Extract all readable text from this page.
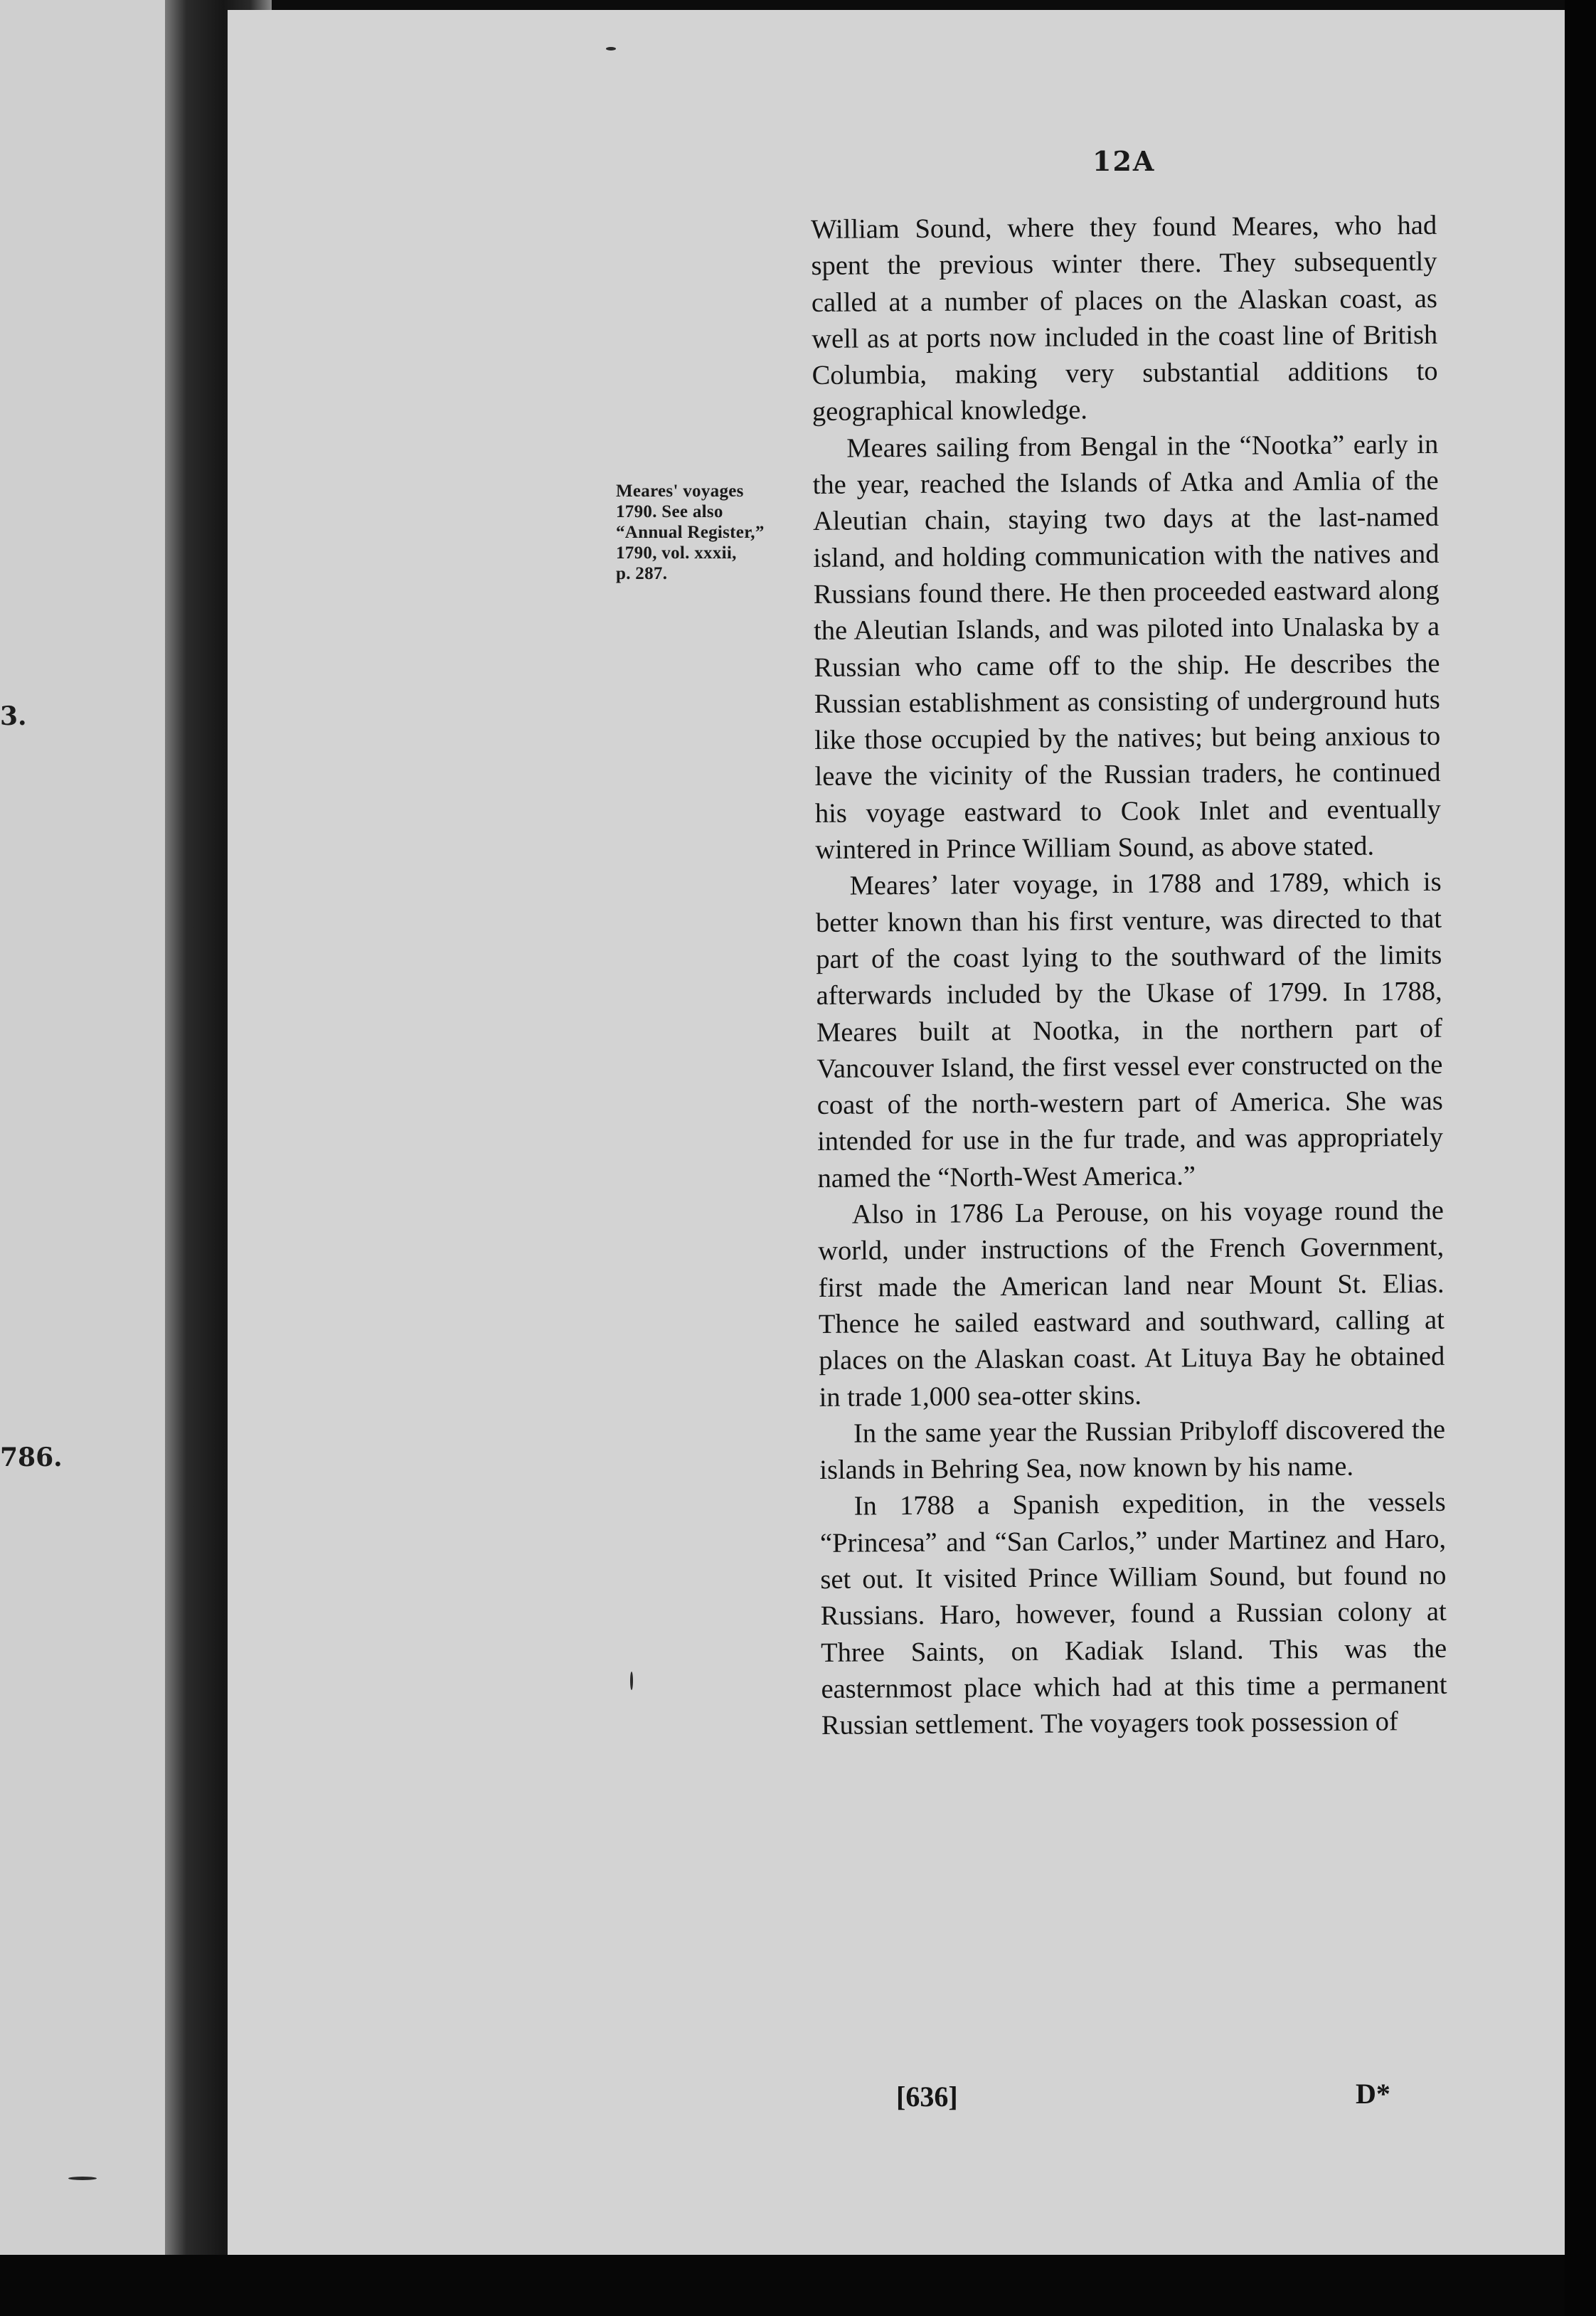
3.
786.
12A
Meares' voyages
1790. See also
“Annual Register,”
1790, vol. xxxii,
p. 287.

William Sound, where they found Meares, who had spent the previous winter there. They subsequently called at a number of places on the Alaskan coast, as well as at ports now included in the coast line of British Columbia, making very substantial additions to geographical knowledge.

Meares sailing from Bengal in the “Nootka” early in the year, reached the Islands of Atka and Amlia of the Aleutian chain, staying two days at the last-named island, and holding communication with the natives and Russians found there. He then proceeded eastward along the Aleutian Islands, and was piloted into Unalaska by a Russian who came off to the ship. He describes the Russian establishment as consisting of underground huts like those occupied by the natives; but being anxious to leave the vicinity of the Russian traders, he continued his voyage eastward to Cook Inlet and eventually wintered in Prince William Sound, as above stated.

Meares’ later voyage, in 1788 and 1789, which is better known than his first venture, was directed to that part of the coast lying to the southward of the limits afterwards included by the Ukase of 1799. In 1788, Meares built at Nootka, in the northern part of Vancouver Island, the first vessel ever constructed on the coast of the north-western part of America. She was intended for use in the fur trade, and was appropriately named the “North-West America.”

Also in 1786 La Perouse, on his voyage round the world, under instructions of the French Government, first made the American land near Mount St. Elias. Thence he sailed eastward and southward, calling at places on the Alaskan coast. At Lituya Bay he obtained in trade 1,000 sea-otter skins.

In the same year the Russian Pribyloff discovered the islands in Behring Sea, now known by his name.

In 1788 a Spanish expedition, in the vessels “Princesa” and “San Carlos,” under Martinez and Haro, set out. It visited Prince William Sound, but found no Russians. Haro, however, found a Russian colony at Three Saints, on Kadiak Island. This was the easternmost place which had at this time a permanent Russian settlement. The voyagers took possession of

[636]	D*
